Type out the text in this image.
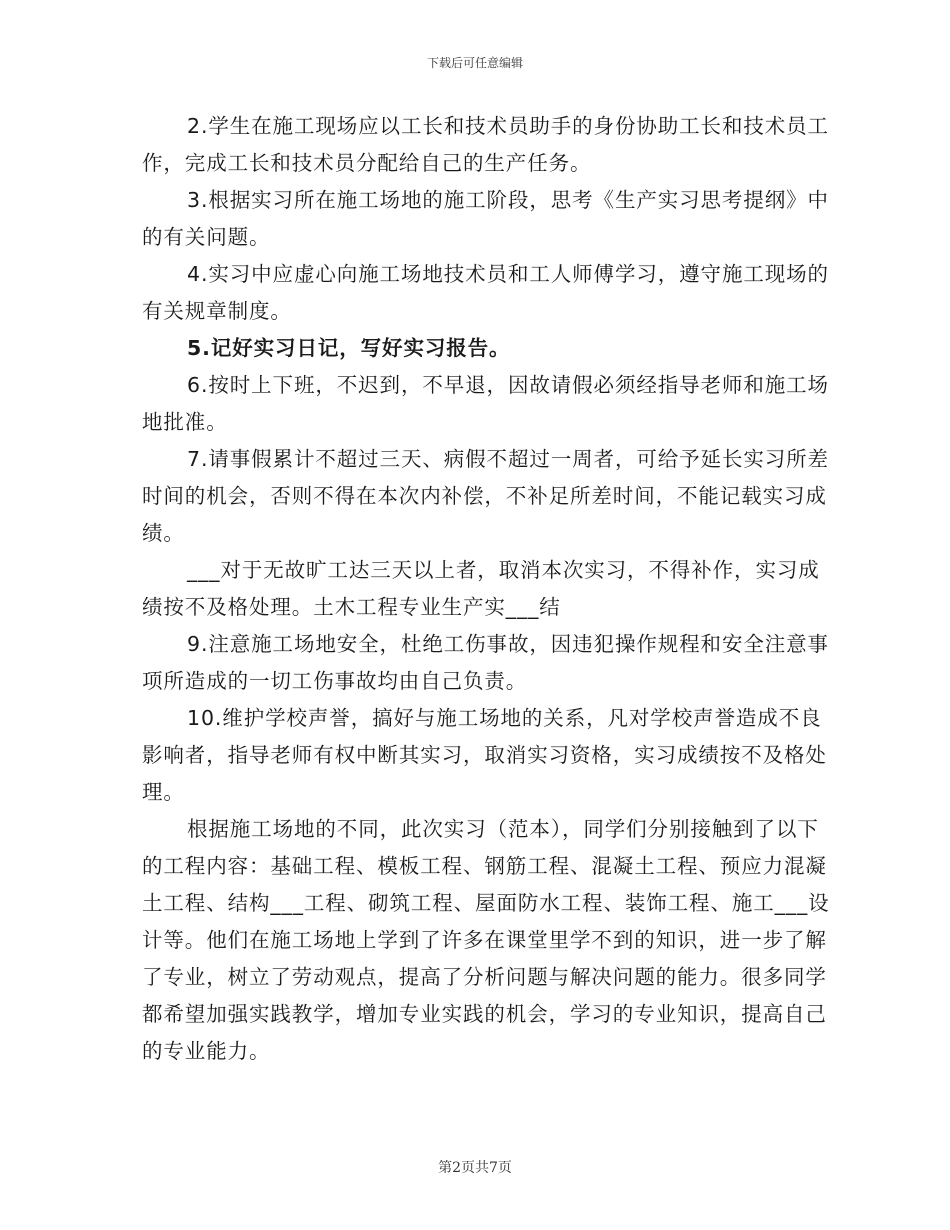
下载后可任意编辑

2.学生在施工现场应以工长和技术员助手的身份协助工长和技术员工作，完成工长和技术员分配给自己的生产任务。

3.根据实习所在施工场地的施工阶段，思考《生产实习思考提纲》中的有关问题。

4.实习中应虚心向施工场地技术员和工人师傅学习，遵守施工现场的有关规章制度。

5.记好实习日记，写好实习报告。

6.按时上下班，不迟到，不早退，因故请假必须经指导老师和施工场地批准。

7.请事假累计不超过三天、病假不超过一周者，可给予延长实习所差时间的机会，否则不得在本次内补偿，不补足所差时间，不能记载实习成绩。

___对于无故旷工达三天以上者，取消本次实习，不得补作，实习成绩按不及格处理。土木工程专业生产实___结

9.注意施工场地安全，杜绝工伤事故，因违犯操作规程和安全注意事项所造成的一切工伤事故均由自己负责。

10.维护学校声誉，搞好与施工场地的关系，凡对学校声誉造成不良影响者，指导老师有权中断其实习，取消实习资格，实习成绩按不及格处理。

根据施工场地的不同，此次实习（范本），同学们分别接触到了以下的工程内容：基础工程、模板工程、钢筋工程、混凝土工程、预应力混凝土工程、结构___工程、砌筑工程、屋面防水工程、装饰工程、施工___设计等。他们在施工场地上学到了许多在课堂里学不到的知识，进一步了解了专业，树立了劳动观点，提高了分析问题与解决问题的能力。很多同学都希望加强实践教学，增加专业实践的机会，学习的专业知识，提高自己的专业能力。

第2页共7页
